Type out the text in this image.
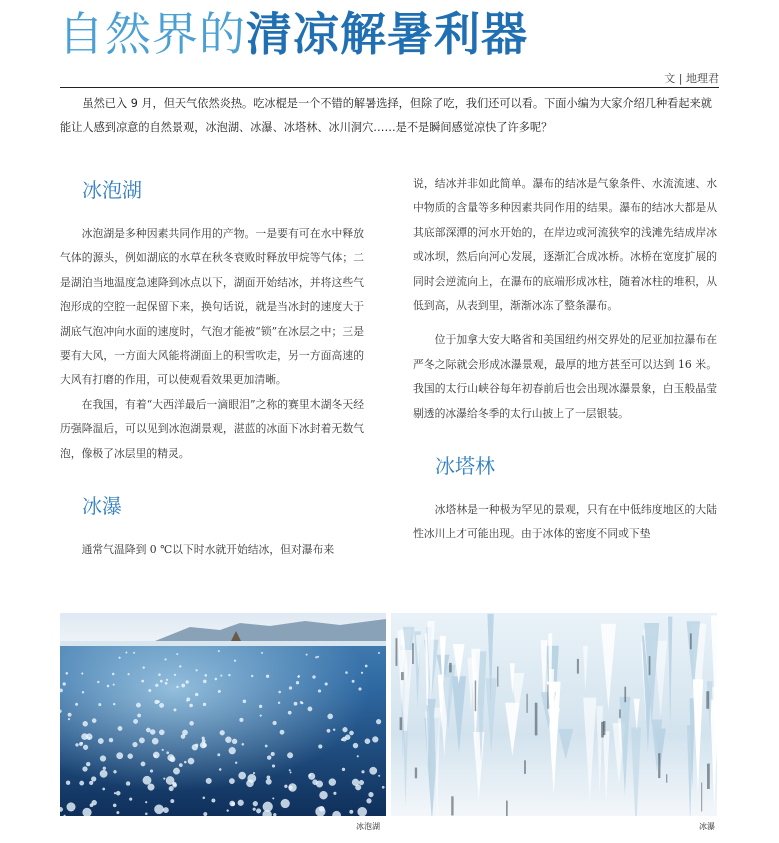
自然界的清凉解暑利器
文 | 地理君

虽然已入 9 月，但天气依然炎热。吃冰棍是一个不错的解暑选择，但除了吃，我们还可以看。下面小编为大家介绍几种看起来就能让人感到凉意的自然景观，冰泡湖、冰瀑、冰塔林、冰川洞穴……是不是瞬间感觉凉快了许多呢？

冰泡湖

冰泡湖是多种因素共同作用的产物。一是要有可在水中释放气体的源头，例如湖底的水草在秋冬衰败时释放甲烷等气体；二是湖泊当地温度急速降到冰点以下，湖面开始结冰，并将这些气泡形成的空腔一起保留下来，换句话说，就是当冰封的速度大于湖底气泡冲向水面的速度时，气泡才能被“锁”在冰层之中；三是要有大风，一方面大风能将湖面上的积雪吹走，另一方面高速的大风有打磨的作用，可以使观看效果更加清晰。

在我国，有着“大西洋最后一滴眼泪”之称的赛里木湖冬天经历强降温后，可以见到冰泡湖景观，湛蓝的冰面下冰封着无数气泡，像极了冰层里的精灵。

冰瀑

通常气温降到 0 ℃以下时水就开始结冰，但对瀑布来

说，结冰并非如此简单。瀑布的结冰是气象条件、水流流速、水中物质的含量等多种因素共同作用的结果。瀑布的结冰大都是从其底部深潭的河水开始的，在岸边或河流狭窄的浅滩先结成岸冰或冰坝，然后向河心发展，逐渐汇合成冰桥。冰桥在宽度扩展的同时会逆流向上，在瀑布的底端形成冰柱，随着冰柱的堆积，从低到高，从表到里，渐渐冰冻了整条瀑布。

位于加拿大安大略省和美国纽约州交界处的尼亚加拉瀑布在严冬之际就会形成冰瀑景观，最厚的地方甚至可以达到 16 米。我国的太行山峡谷每年初春前后也会出现冰瀑景象，白玉般晶莹剔透的冰瀑给冬季的太行山披上了一层银装。

冰塔林

冰塔林是一种极为罕见的景观，只有在中低纬度地区的大陆性冰川上才可能出现。由于冰体的密度不同或下垫

冰泡湖	冰瀑
